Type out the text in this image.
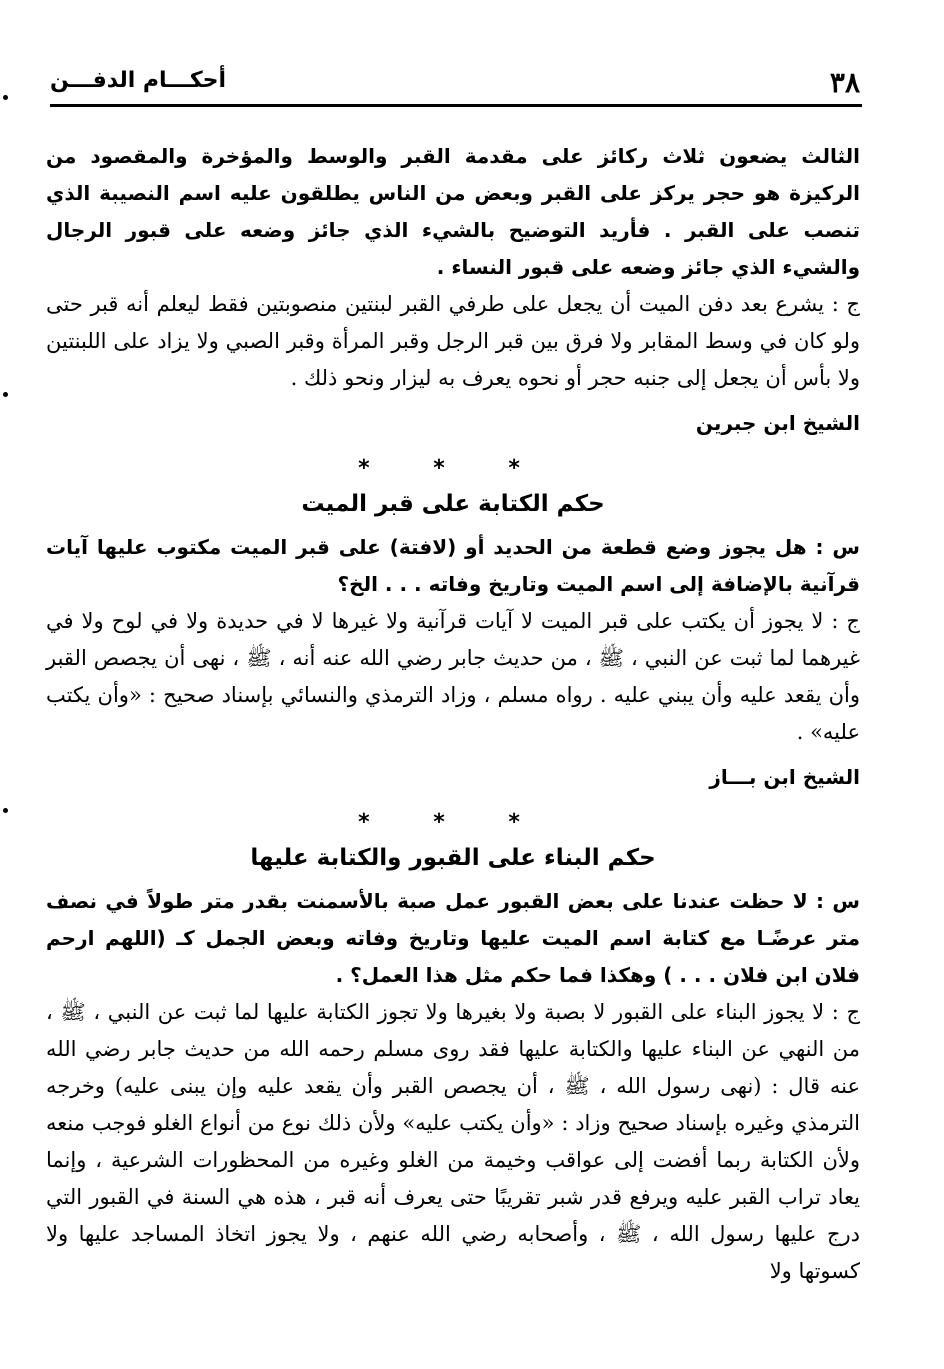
٣٨
أحكـــام الدفـــن

الثالث يضعون ثلاث ركائز على مقدمة القبر والوسط والمؤخرة والمقصود من الركيزة هو حجر يركز على القبر وبعض من الناس يطلقون عليه اسم النصيبة الذي تنصب على القبر . فأريد التوضيح بالشيء الذي جائز وضعه على قبور الرجال والشيء الذي جائز وضعه على قبور النساء .

ج : يشرع بعد دفن الميت أن يجعل على طرفي القبر لبنتين منصوبتين فقط ليعلم أنه قبر حتى ولو كان في وسط المقابر ولا فرق بين قبر الرجل وقبر المرأة وقبر الصبي ولا يزاد على اللبنتين ولا بأس أن يجعل إلى جنبه حجر أو نحوه يعرف به ليزار ونحو ذلك .

الشيخ ابن جبرين
* * *
حكم الكتابة على قبر الميت

س : هل يجوز وضع قطعة من الحديد أو (لافتة) على قبر الميت مكتوب عليها آيات قرآنية بالإضافة إلى اسم الميت وتاريخ وفاته . . . الخ؟

ج : لا يجوز أن يكتب على قبر الميت لا آيات قرآنية ولا غيرها لا في حديدة ولا في لوح ولا في غيرهما لما ثبت عن النبي ، ﷺ ، من حديث جابر رضي الله عنه أنه ، ﷺ ، نهى أن يجصص القبر وأن يقعد عليه وأن يبني عليه . رواه مسلم ، وزاد الترمذي والنسائي بإسناد صحيح : «وأن يكتب عليه» .

الشيخ ابن بـــاز
* * *
حكم البناء على القبور والكتابة عليها

س : لا حظت عندنا على بعض القبور عمل صبة بالأسمنت بقدر متر طولاً في نصف متر عرضًـا مع كتابة اسم الميت عليها وتاريخ وفاته وبعض الجمل كـ (اللهم ارحم فلان ابن فلان . . . ) وهكذا فما حكم مثل هذا العمل؟ .

ج : لا يجوز البناء على القبور لا بصبة ولا بغيرها ولا تجوز الكتابة عليها لما ثبت عن النبي ، ﷺ ، من النهي عن البناء عليها والكتابة عليها فقد روى مسلم رحمه الله من حديث جابر رضي الله عنه قال : (نهى رسول الله ، ﷺ ، أن يجصص القبر وأن يقعد عليه وإن يبنى عليه) وخرجه الترمذي وغيره بإسناد صحيح وزاد : «وأن يكتب عليه» ولأن ذلك نوع من أنواع الغلو فوجب منعه ولأن الكتابة ربما أفضت إلى عواقب وخيمة من الغلو وغيره من المحظورات الشرعية ، وإنما يعاد تراب القبر عليه ويرفع قدر شبر تقريبًا حتى يعرف أنه قبر ، هذه هي السنة في القبور التي درج عليها رسول الله ، ﷺ ، وأصحابه رضي الله عنهم ، ولا يجوز اتخاذ المساجد عليها ولا كسوتها ولا
